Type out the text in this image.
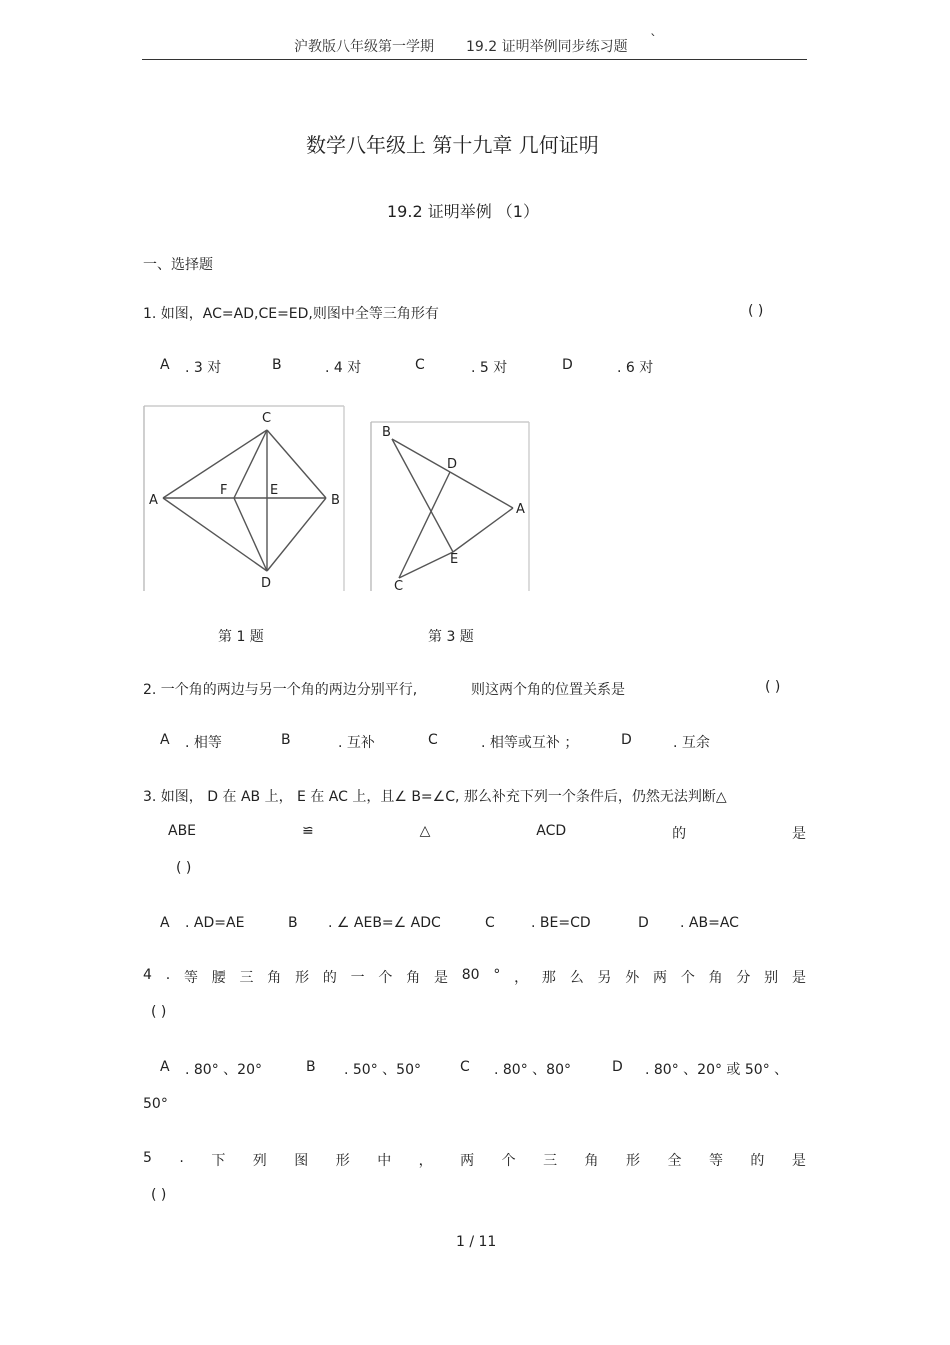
沪教版八年级第一学期 19.2 证明举例同步练习题 `
数学八年级上 第十九章 几何证明
19.2 证明举例 （1）
一、选择题
1. 如图，AC=AD,CE=ED,则图中全等三角形有	( )
A . 3 对	B	. 4 对	C	. 5 对	D	. 6 对
C
A	B
F	E
D
B
D
A
E
C
第 1 题	第 3 题
2. 一个角的两边与另一个角的两边分别平行,	则这两个角的位置关系是	( )
A . 相等	B	. 互补	C	. 相等或互补 ；	D	. 互余
3. 如图， D 在 AB 上， E 在 AC 上，且∠ B=∠C, 那么补充下列一个条件后，仍然无法判断△
ABE	≌	△	ACD	的	是
( )
A . AD=AE	B . ∠ AEB=∠ ADC	C	. BE=CD	D . AB=AC
4 . 等 腰 三 角 形 的 一 个 角 是 80 ° ， 那 么 另 外 两 个 角 分 别 是
( )
A . 80° 、20°	B . 50° 、50°	C . 80° 、80°	D . 80° 、20° 或 50° 、
50°
5 . 下 列 图 形 中 ， 两 个 三 角 形 全 等 的 是
( )
1 / 11
